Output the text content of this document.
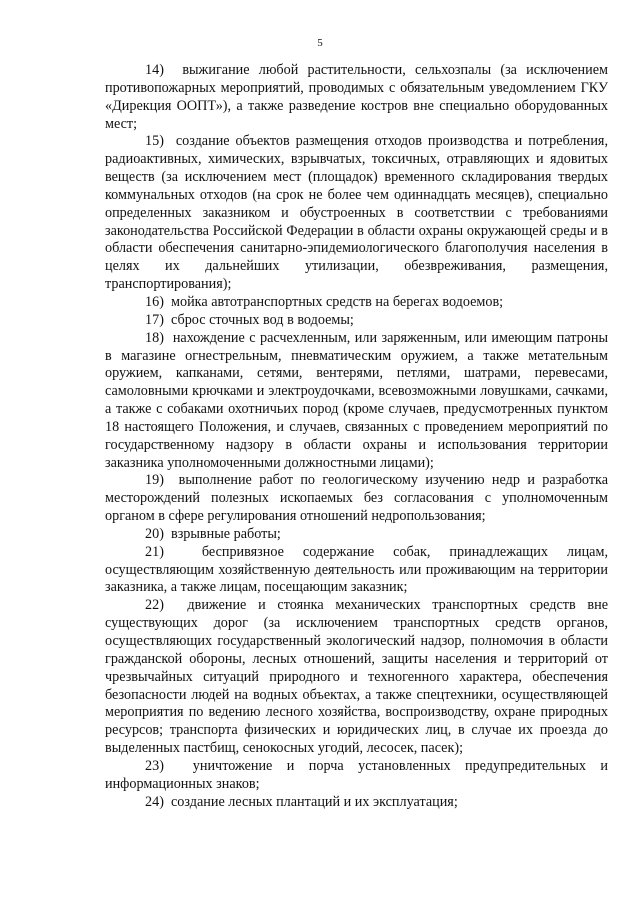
5

14)  выжигание любой растительности, сельхозпалы (за исключением противопожарных мероприятий, проводимых с обязательным уведомлением ГКУ «Дирекция ООПТ»), а также разведение костров вне специально оборудованных мест;

15)  создание объектов размещения отходов производства и потребления, радиоактивных, химических, взрывчатых, токсичных, отравляющих и ядовитых веществ (за исключением мест (площадок) временного складирования твердых коммунальных отходов (на срок не более чем одиннадцать месяцев), специально определенных заказником и обустроенных в соответствии с требованиями законодательства Российской Федерации в области охраны окружающей среды и в области обеспечения санитарно-эпидемиологического благополучия населения в целях их дальнейших утилизации, обезвреживания, размещения, транспортирования);

16)  мойка автотранспортных средств на берегах водоемов;

17)  сброс сточных вод в водоемы;

18)  нахождение с расчехленным, или заряженным, или имеющим патроны в магазине огнестрельным, пневматическим оружием, а также метательным оружием, капканами, сетями, вентерями, петлями, шатрами, перевесами, самоловными крючками и электроудочками, всевозможными ловушками, сачками, а также с собаками охотничьих пород (кроме случаев, предусмотренных пунктом 18 настоящего Положения, и случаев, связанных с проведением мероприятий по государственному надзору в области охраны и использования территории заказника уполномоченными должностными лицами);

19)  выполнение работ по геологическому изучению недр и разработка месторождений полезных ископаемых без согласования с уполномоченным органом в сфере регулирования отношений недропользования;

20)  взрывные работы;

21)  беспривязное содержание собак, принадлежащих лицам, осуществляющим хозяйственную деятельность или проживающим на территории заказника, а также лицам, посещающим заказник;

22)  движение и стоянка механических транспортных средств вне существующих дорог (за исключением транспортных средств органов, осуществляющих государственный экологический надзор, полномочия в области гражданской обороны, лесных отношений, защиты населения и территорий от чрезвычайных ситуаций природного и техногенного характера, обеспечения безопасности людей на водных объектах, а также спецтехники, осуществляющей мероприятия по ведению лесного хозяйства, воспроизводству, охране природных ресурсов; транспорта физических и юридических лиц, в случае их проезда до выделенных пастбищ, сенокосных угодий, лесосек, пасек);

23)  уничтожение и порча установленных предупредительных и информационных знаков;

24)  создание лесных плантаций и их эксплуатация;
